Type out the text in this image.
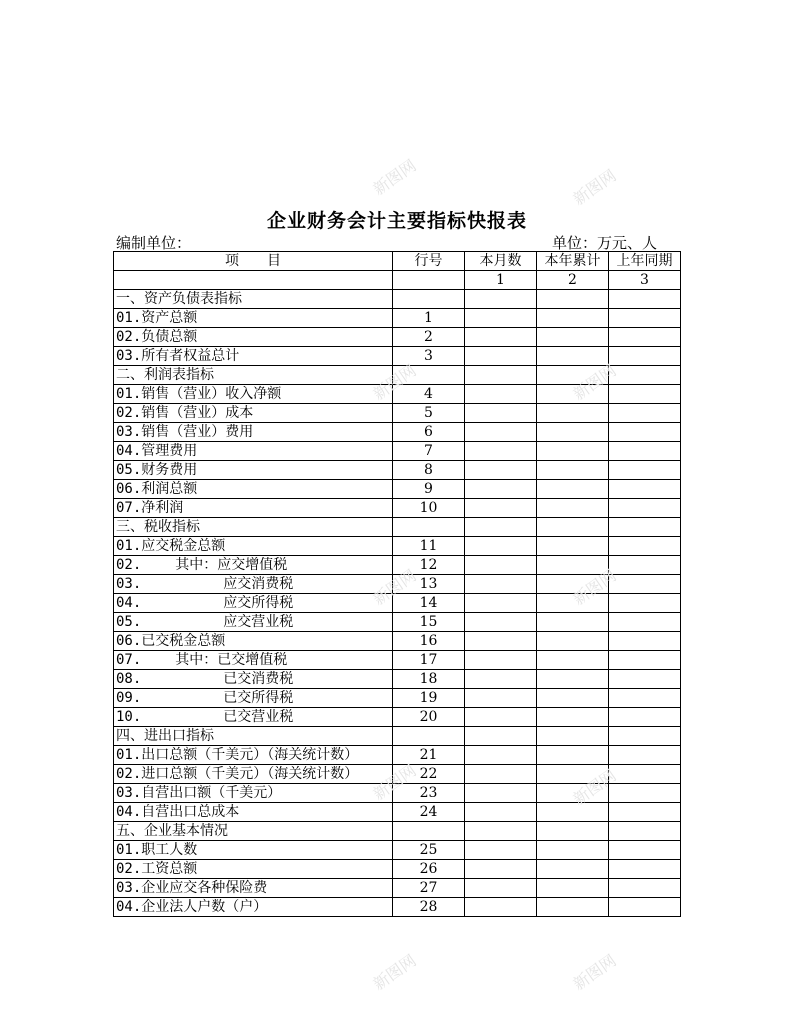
企业财务会计主要指标快报表
编制单位：	单位：万元、人
项　　目	行号	本月数	本年累计	上年同期
		1	2	3
一、资产负债表指标				
01.资产总额	1			
02.负债总额	2			
03.所有者权益总计	3			
二、利润表指标				
01.销售（营业）收入净额	4			
02.销售（营业）成本	5			
03.销售（营业）费用	6			
04.管理费用	7			
05.财务费用	8			
06.利润总额	9			
07.净利润	10			
三、税收指标				
01.应交税金总额	11			
02. 其中：应交增值税	12			
03. 应交消费税	13			
04. 应交所得税	14			
05. 应交营业税	15			
06.已交税金总额	16			
07. 其中：已交增值税	17			
08. 已交消费税	18			
09. 已交所得税	19			
10. 已交营业税	20			
四、进出口指标				
01.出口总额（千美元）（海关统计数）	21			
02.进口总额（千美元）（海关统计数）	22			
03.自营出口额（千美元）	23			
04.自营出口总成本	24			
五、企业基本情况				
01.职工人数	25			
02.工资总额	26			
03.企业应交各种保险费	27			
04.企业法人户数（户）	28			
新图网	新图网
新图网	新图网
新图网	新图网
新图网	新图网
新图网	新图网
